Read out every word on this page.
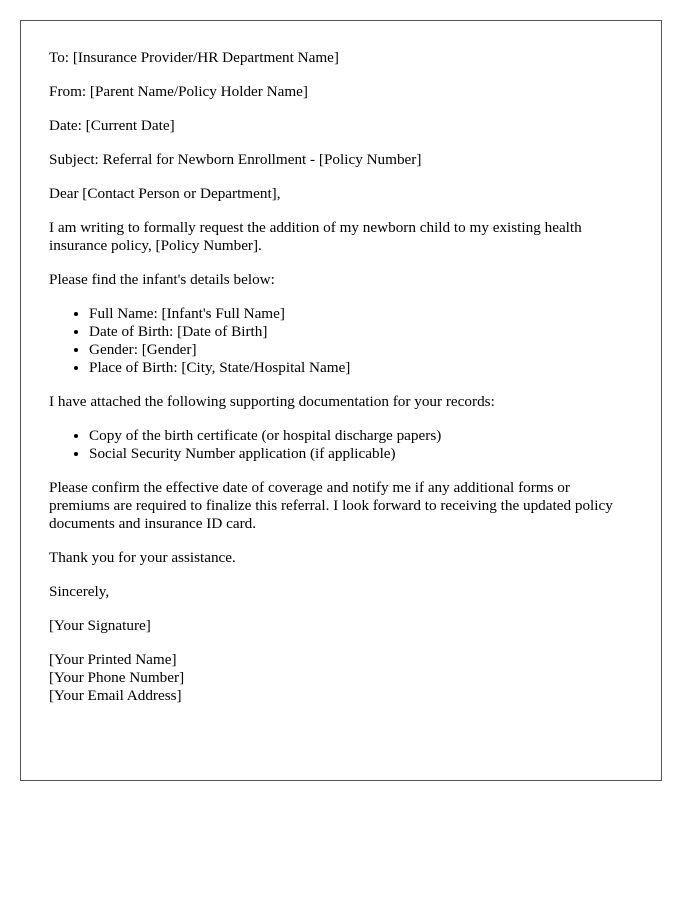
To: [Insurance Provider/HR Department Name]

From: [Parent Name/Policy Holder Name]

Date: [Current Date]

Subject: Referral for Newborn Enrollment - [Policy Number]

Dear [Contact Person or Department],

I am writing to formally request the addition of my newborn child to my existing health insurance policy, [Policy Number].

Please find the infant's details below:

• Full Name: [Infant's Full Name]
• Date of Birth: [Date of Birth]
• Gender: [Gender]
• Place of Birth: [City, State/Hospital Name]

I have attached the following supporting documentation for your records:

• Copy of the birth certificate (or hospital discharge papers)
• Social Security Number application (if applicable)

Please confirm the effective date of coverage and notify me if any additional forms or premiums are required to finalize this referral. I look forward to receiving the updated policy documents and insurance ID card.

Thank you for your assistance.

Sincerely,

[Your Signature]

[Your Printed Name]
[Your Phone Number]
[Your Email Address]
